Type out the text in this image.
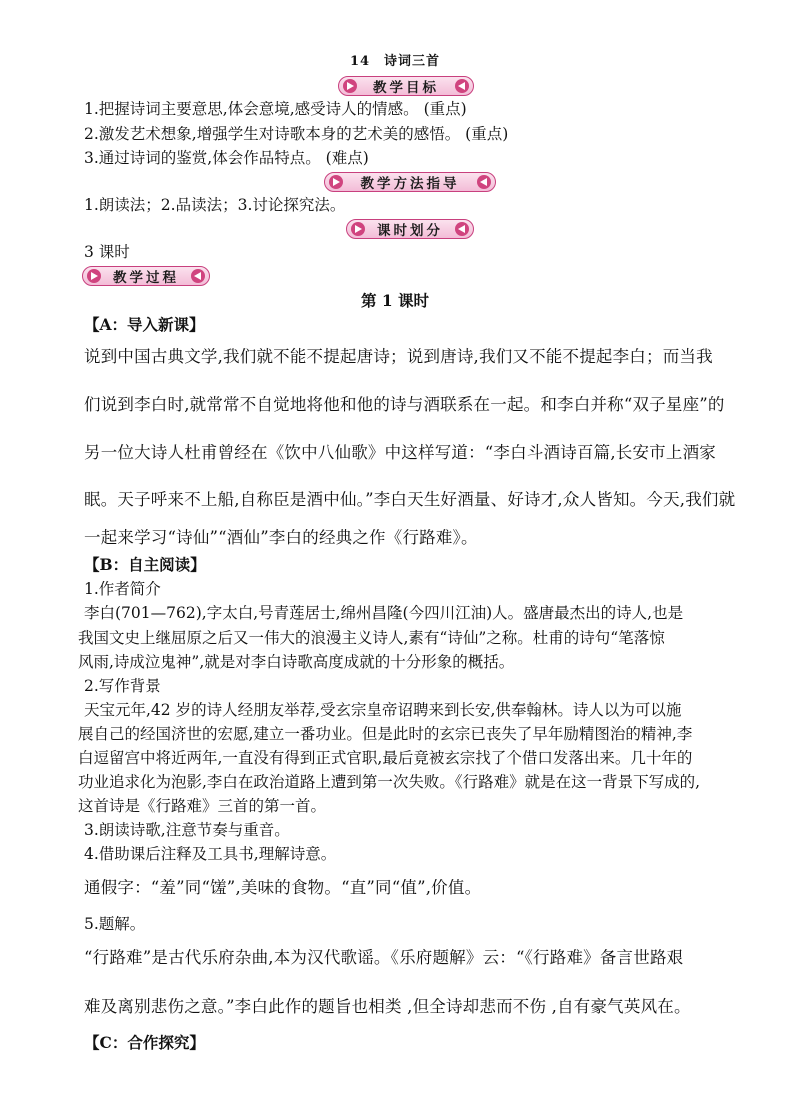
14　诗词三首
教学目标
1.把握诗词主要意思,体会意境,感受诗人的情感。 (重点)
2.激发艺术想象,增强学生对诗歌本身的艺术美的感悟。 (重点)
3.通过诗词的鉴赏,体会作品特点。 (难点)
教学方法指导
1.朗读法；2.品读法；3.讨论探究法。
课时划分
3 课时
教学过程
第 1 课时
【A：导入新课】
说到中国古典文学,我们就不能不提起唐诗；说到唐诗,我们又不能不提起李白；而当我
们说到李白时,就常常不自觉地将他和他的诗与酒联系在一起。和李白并称“双子星座”的
另一位大诗人杜甫曾经在《饮中八仙歌》中这样写道：“李白斗酒诗百篇,长安市上酒家
眠。天子呼来不上船,自称臣是酒中仙。”李白天生好酒量、好诗才,众人皆知。今天,我们就
一起来学习“诗仙”“酒仙”李白的经典之作《行路难》。
【B：自主阅读】
1.作者简介
李白(701—762),字太白,号青莲居士,绵州昌隆(今四川江油)人。盛唐最杰出的诗人,也是
我国文史上继屈原之后又一伟大的浪漫主义诗人,素有“诗仙”之称。杜甫的诗句“笔落惊
风雨,诗成泣鬼神”,就是对李白诗歌高度成就的十分形象的概括。
2.写作背景
天宝元年,42 岁的诗人经朋友举荐,受玄宗皇帝诏聘来到长安,供奉翰林。诗人以为可以施
展自己的经国济世的宏愿,建立一番功业。但是此时的玄宗已丧失了早年励精图治的精神,李
白逗留宫中将近两年,一直没有得到正式官职,最后竟被玄宗找了个借口发落出来。几十年的
功业追求化为泡影,李白在政治道路上遭到第一次失败。《行路难》就是在这一背景下写成的,
这首诗是《行路难》三首的第一首。
3.朗读诗歌,注意节奏与重音。
4.借助课后注释及工具书,理解诗意。
通假字：“羞”同“馐”,美味的食物。“直”同“值”,价值。
5.题解。
“行路难”是古代乐府杂曲,本为汉代歌谣。《乐府题解》云：“《行路难》备言世路艰
难及离别悲伤之意。”李白此作的题旨也相类 ,但全诗却悲而不伤 ,自有豪气英风在。
【C：合作探究】
